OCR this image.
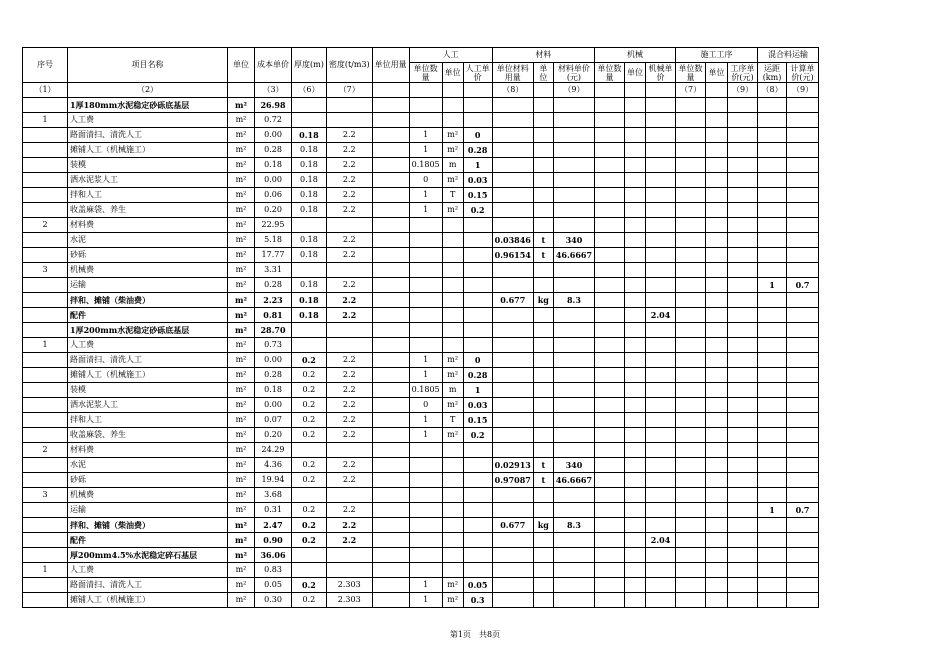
序号	项目名称	单位	成本单价	厚度(m)	密度(t/m3)	单位用量	人工			材料			机械			施工工序			混合料运输	
							单位数量	单位	人工单价	单位材料用量	单位	材料单价(元)	单位数量	单位	机械单价	单位数量	单位	工序单价(元)	运距(km)	计算单价(元)
（1）	（2）		（3）	（6）	（7）					（8）		（9）				（7）		（9）	（8）	（9）
	1厚180mm水泥稳定砂砾底基层	m²	26.98																	
1	人工费	m²	0.72																	
	路面清扫、清洗人工	m²	0.00	0.18	2.2		1	m²	0											
	摊铺人工（机械施工）	m²	0.28	0.18	2.2		1	m²	0.28											
	装模	m²	0.18	0.18	2.2		0.1805	m	1											
	洒水泥浆人工	m²	0.00	0.18	2.2		0	m²	0.03											
	拌和人工	m²	0.06	0.18	2.2		1	T	0.15											
	收盖麻袋、养生	m²	0.20	0.18	2.2		1	m²	0.2											
2	材料费	m²	22.95																	
	水泥	m²	5.18	0.18	2.2					0.03846	t	340								
	砂砾	m²	17.77	0.18	2.2					0.96154	t	46.6667								
3	机械费	m²	3.31																	
	运输	m²	0.28	0.18	2.2														1	0.7
	拌和、摊铺（柴油费）	m²	2.23	0.18	2.2					0.677	kg	8.3								
	配件	m²	0.81	0.18	2.2										2.04					
	1厚200mm水泥稳定砂砾底基层	m²	28.70																	
1	人工费	m²	0.73																	
	路面清扫、清洗人工	m²	0.00	0.2	2.2		1	m²	0											
	摊铺人工（机械施工）	m²	0.28	0.2	2.2		1	m²	0.28											
	装模	m²	0.18	0.2	2.2		0.1805	m	1											
	洒水泥浆人工	m²	0.00	0.2	2.2		0	m²	0.03											
	拌和人工	m²	0.07	0.2	2.2		1	T	0.15											
	收盖麻袋、养生	m²	0.20	0.2	2.2		1	m²	0.2											
2	材料费	m²	24.29																	
	水泥	m²	4.36	0.2	2.2					0.02913	t	340								
	砂砾	m²	19.94	0.2	2.2					0.97087	t	46.6667								
3	机械费	m²	3.68																	
	运输	m²	0.31	0.2	2.2														1	0.7
	拌和、摊铺（柴油费）	m²	2.47	0.2	2.2					0.677	kg	8.3								
	配件	m²	0.90	0.2	2.2										2.04					
	厚200mm4.5%水泥稳定碎石基层	m²	36.06																	
1	人工费	m²	0.83																	
	路面清扫、清洗人工	m²	0.05	0.2	2.303		1	m²	0.05											
	摊铺人工（机械施工）	m²	0.30	0.2	2.303		1	m²	0.3											
第1页　共8页
